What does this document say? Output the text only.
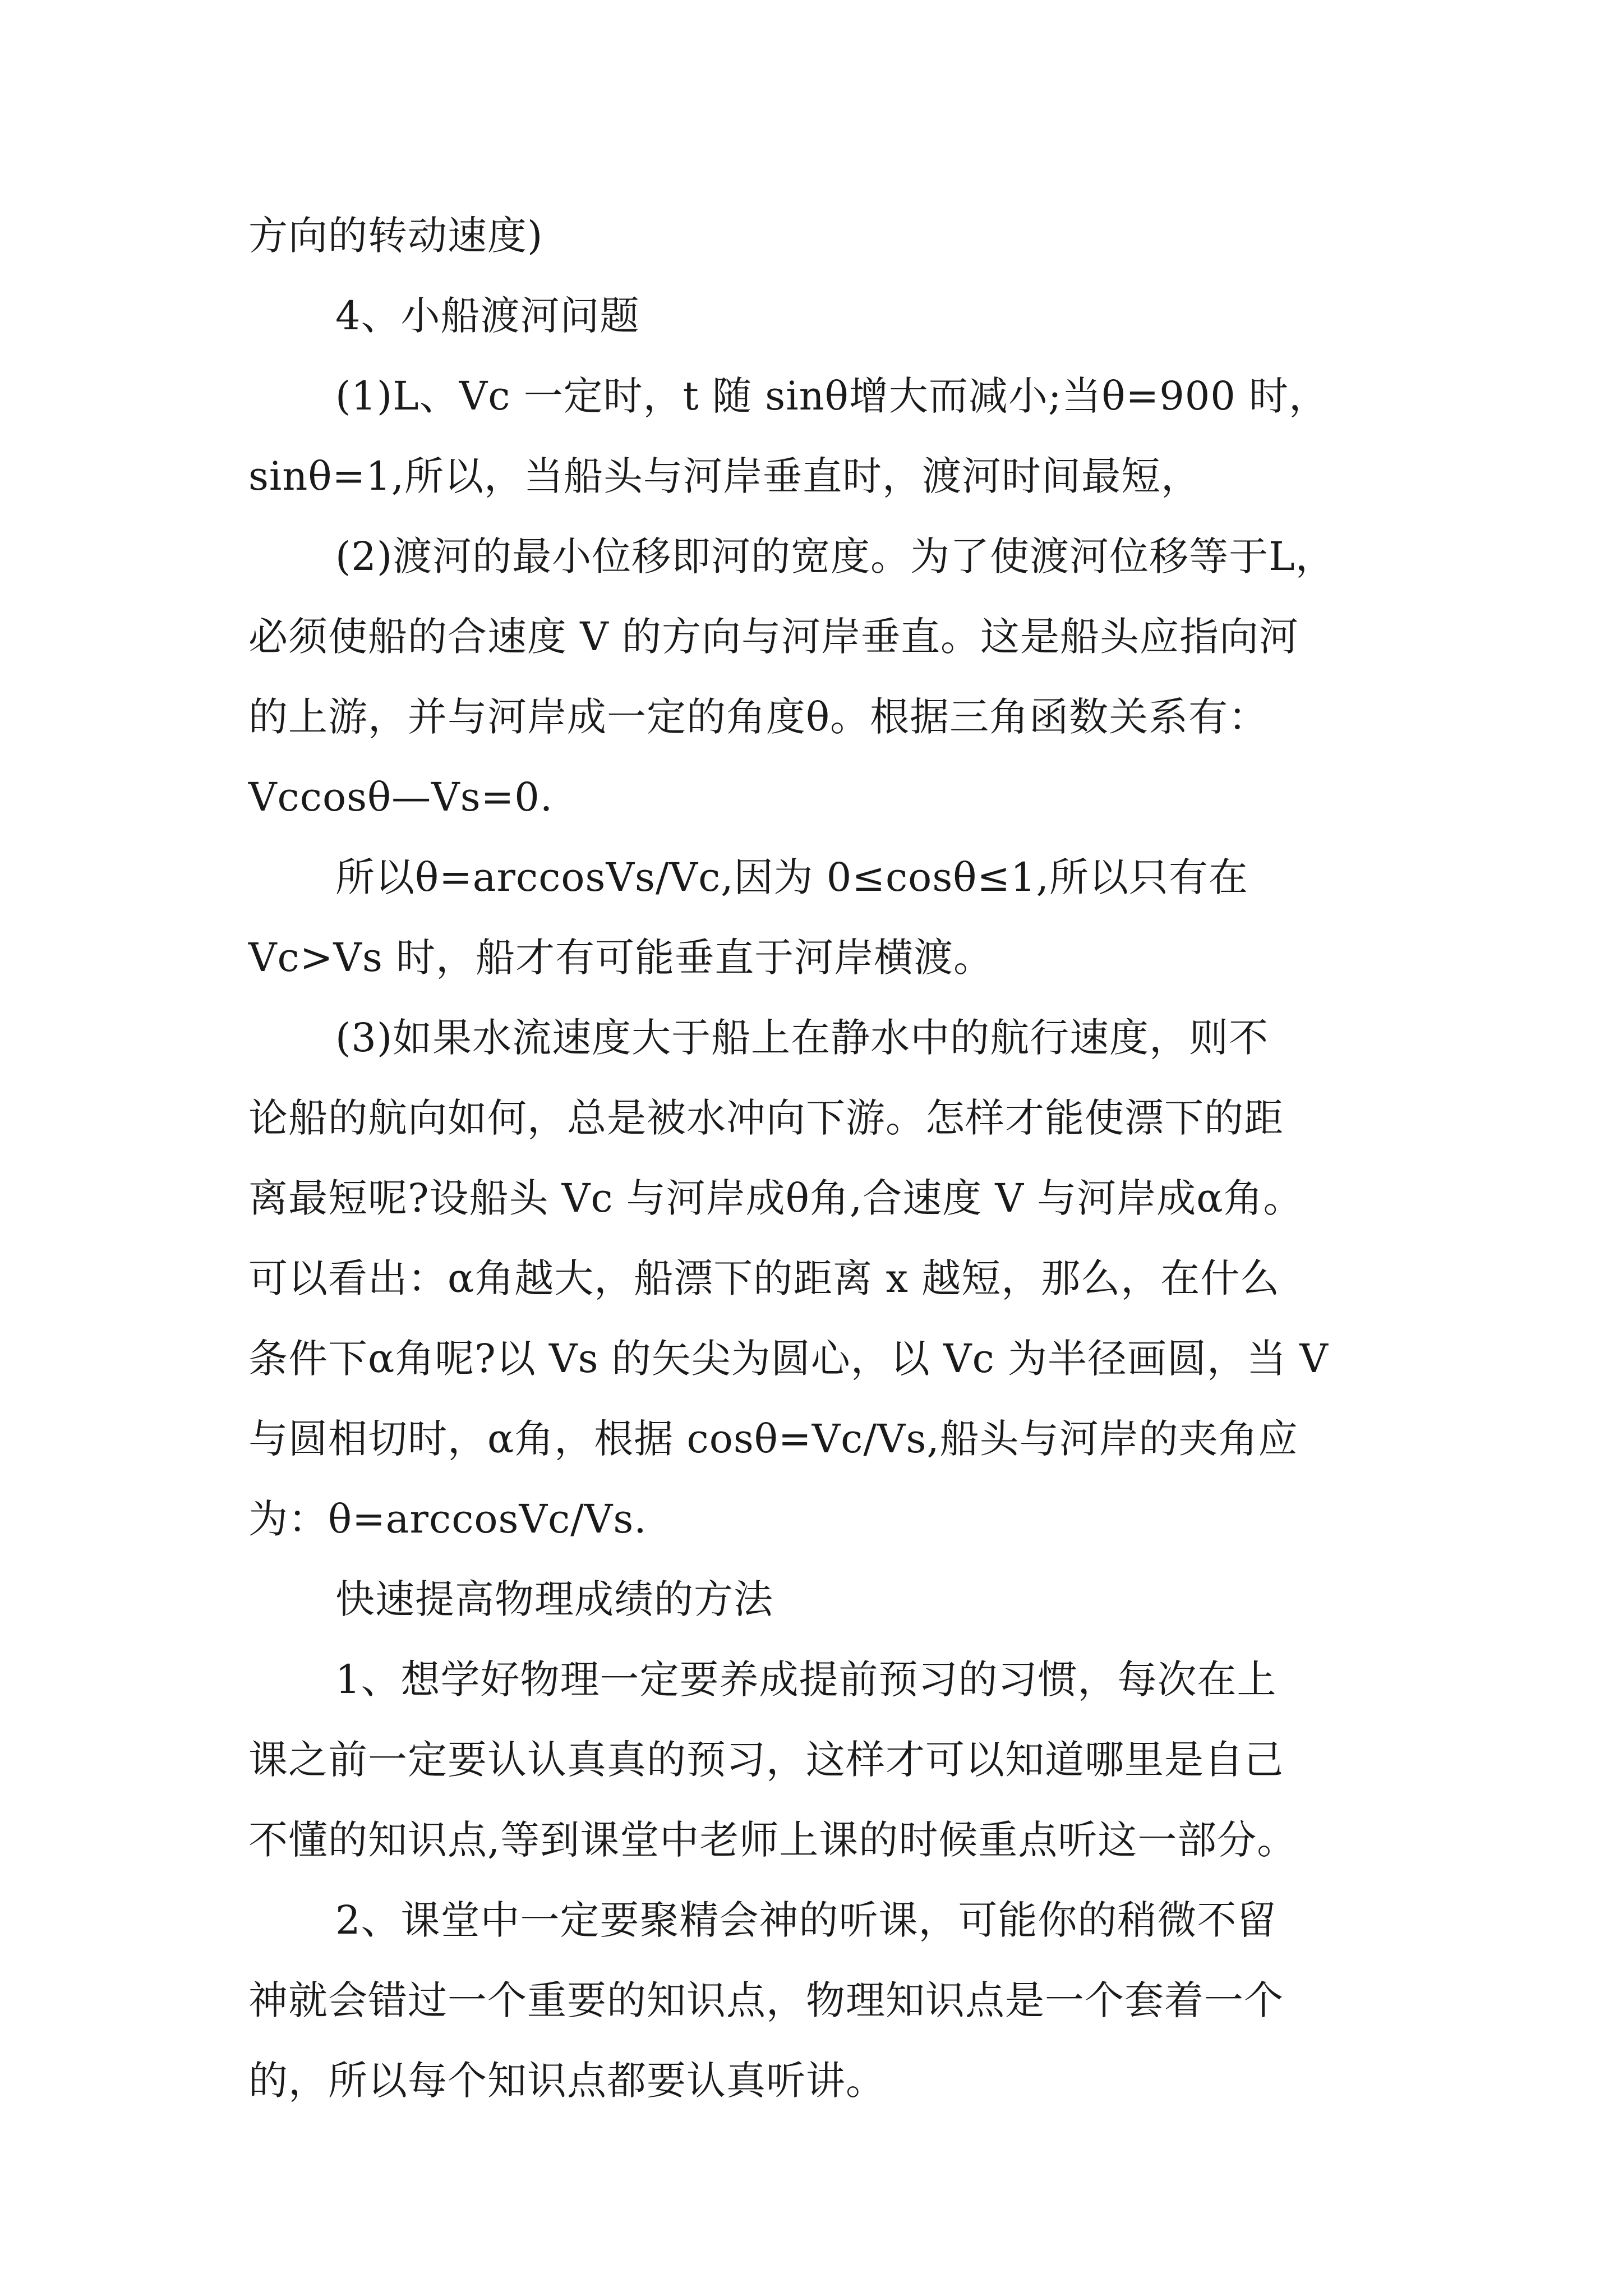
方向的转动速度)
4、小船渡河问题
(1)L、Vc 一定时，t 随 sinθ增大而减小;当θ=900 时，
sinθ=1,所以，当船头与河岸垂直时，渡河时间最短，
(2)渡河的最小位移即河的宽度。为了使渡河位移等于L，
必须使船的合速度 V 的方向与河岸垂直。这是船头应指向河
的上游，并与河岸成一定的角度θ。根据三角函数关系有：
Vccosθ—Vs=0.
所以θ=arccosVs/Vc,因为 0≤cosθ≤1,所以只有在
Vc>Vs 时，船才有可能垂直于河岸横渡。
(3)如果水流速度大于船上在静水中的航行速度，则不
论船的航向如何，总是被水冲向下游。怎样才能使漂下的距
离最短呢?设船头 Vc 与河岸成θ角,合速度 V 与河岸成α角。
可以看出：α角越大，船漂下的距离 x 越短，那么，在什么
条件下α角呢?以 Vs 的矢尖为圆心，以 Vc 为半径画圆，当 V
与圆相切时，α角，根据 cosθ=Vc/Vs,船头与河岸的夹角应
为：θ=arccosVc/Vs.
快速提高物理成绩的方法
1、想学好物理一定要养成提前预习的习惯，每次在上
课之前一定要认认真真的预习，这样才可以知道哪里是自己
不懂的知识点,等到课堂中老师上课的时候重点听这一部分。
2、课堂中一定要聚精会神的听课，可能你的稍微不留
神就会错过一个重要的知识点，物理知识点是一个套着一个
的，所以每个知识点都要认真听讲。
